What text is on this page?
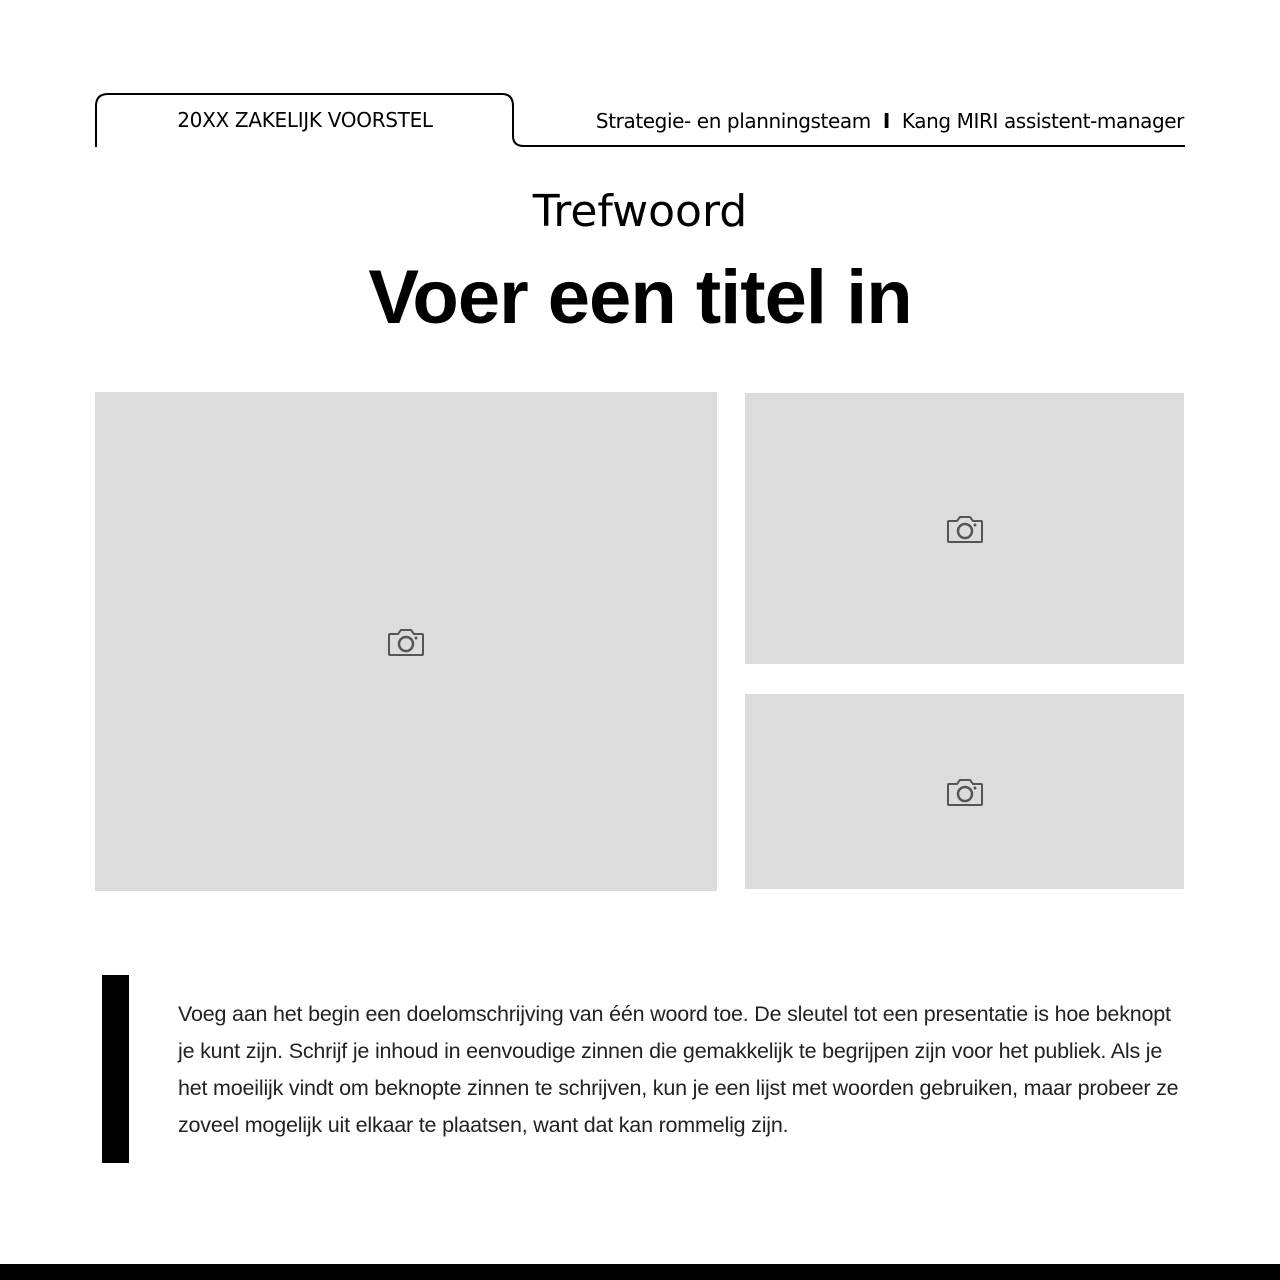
20XX ZAKELIJK VOORSTEL	Strategie- en planningsteam I Kang MIRI assistent-manager
Trefwoord
Voer een titel in
Voeg aan het begin een doelomschrijving van één woord toe. De sleutel tot een presentatie is hoe beknopt je kunt zijn. Schrijf je inhoud in eenvoudige zinnen die gemakkelijk te begrijpen zijn voor het publiek. Als je het moeilijk vindt om beknopte zinnen te schrijven, kun je een lijst met woorden gebruiken, maar probeer ze zoveel mogelijk uit elkaar te plaatsen, want dat kan rommelig zijn.
